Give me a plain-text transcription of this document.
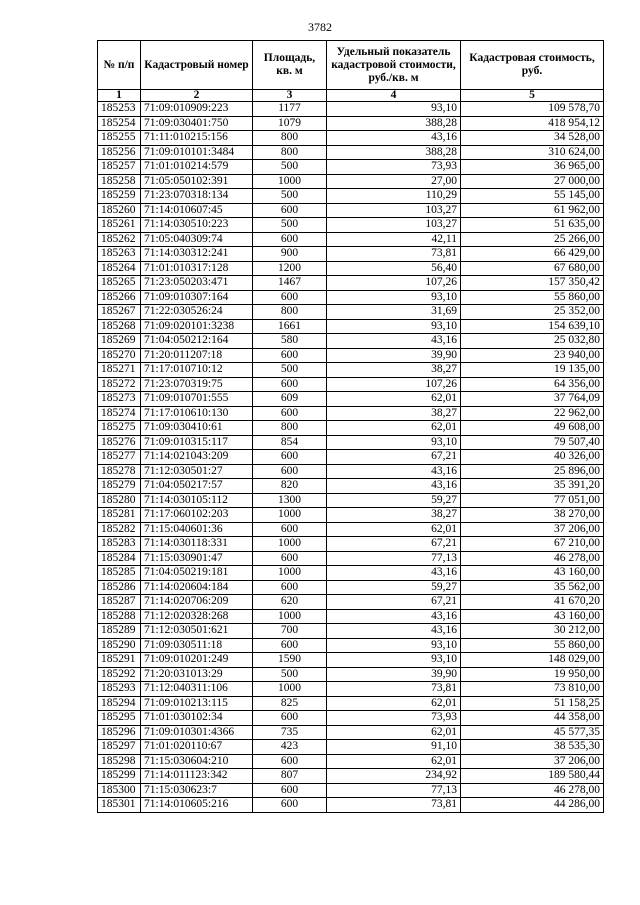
3782
№ п/п	Кадастровый номер	Площадь, кв. м	Удельный показатель кадастровой стоимости, руб./кв. м	Кадастровая стоимость, руб.
1	2	3	4	5
185253	71:09:010909:223	1177	93,10	109 578,70
185254	71:09:030401:750	1079	388,28	418 954,12
185255	71:11:010215:156	800	43,16	34 528,00
185256	71:09:010101:3484	800	388,28	310 624,00
185257	71:01:010214:579	500	73,93	36 965,00
185258	71:05:050102:391	1000	27,00	27 000,00
185259	71:23:070318:134	500	110,29	55 145,00
185260	71:14:010607:45	600	103,27	61 962,00
185261	71:14:030510:223	500	103,27	51 635,00
185262	71:05:040309:74	600	42,11	25 266,00
185263	71:14:030312:241	900	73,81	66 429,00
185264	71:01:010317:128	1200	56,40	67 680,00
185265	71:23:050203:471	1467	107,26	157 350,42
185266	71:09:010307:164	600	93,10	55 860,00
185267	71:22:030526:24	800	31,69	25 352,00
185268	71:09:020101:3238	1661	93,10	154 639,10
185269	71:04:050212:164	580	43,16	25 032,80
185270	71:20:011207:18	600	39,90	23 940,00
185271	71:17:010710:12	500	38,27	19 135,00
185272	71:23:070319:75	600	107,26	64 356,00
185273	71:09:010701:555	609	62,01	37 764,09
185274	71:17:010610:130	600	38,27	22 962,00
185275	71:09:030410:61	800	62,01	49 608,00
185276	71:09:010315:117	854	93,10	79 507,40
185277	71:14:021043:209	600	67,21	40 326,00
185278	71:12:030501:27	600	43,16	25 896,00
185279	71:04:050217:57	820	43,16	35 391,20
185280	71:14:030105:112	1300	59,27	77 051,00
185281	71:17:060102:203	1000	38,27	38 270,00
185282	71:15:040601:36	600	62,01	37 206,00
185283	71:14:030118:331	1000	67,21	67 210,00
185284	71:15:030901:47	600	77,13	46 278,00
185285	71:04:050219:181	1000	43,16	43 160,00
185286	71:14:020604:184	600	59,27	35 562,00
185287	71:14:020706:209	620	67,21	41 670,20
185288	71:12:020328:268	1000	43,16	43 160,00
185289	71:12:030501:621	700	43,16	30 212,00
185290	71:09:030511:18	600	93,10	55 860,00
185291	71:09:010201:249	1590	93,10	148 029,00
185292	71:20:031013:29	500	39,90	19 950,00
185293	71:12:040311:106	1000	73,81	73 810,00
185294	71:09:010213:115	825	62,01	51 158,25
185295	71:01:030102:34	600	73,93	44 358,00
185296	71:09:010301:4366	735	62,01	45 577,35
185297	71:01:020110:67	423	91,10	38 535,30
185298	71:15:030604:210	600	62,01	37 206,00
185299	71:14:011123:342	807	234,92	189 580,44
185300	71:15:030623:7	600	77,13	46 278,00
185301	71:14:010605:216	600	73,81	44 286,00
